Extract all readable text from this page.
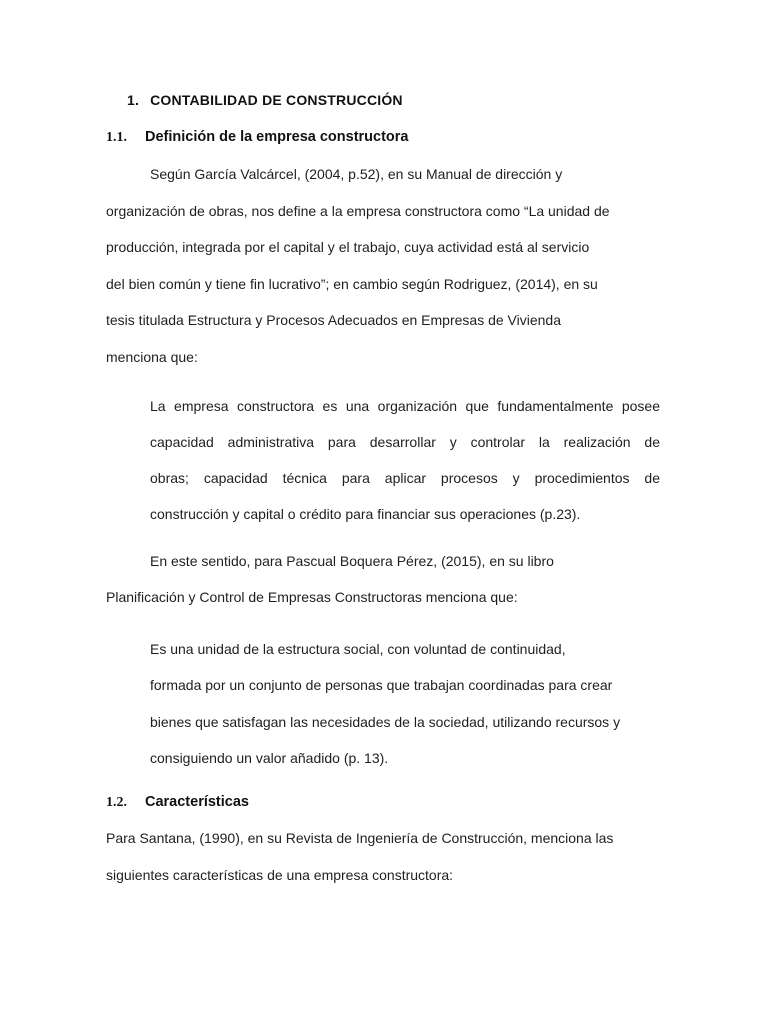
1. CONTABILIDAD DE CONSTRUCCIÓN
1.1. Definición de la empresa constructora
Según García Valcárcel, (2004, p.52), en su Manual de dirección y
organización de obras, nos define a la empresa constructora como “La unidad de
producción, integrada por el capital y el trabajo, cuya actividad está al servicio
del bien común y tiene fin lucrativo”; en cambio según Rodriguez, (2014), en su
tesis titulada Estructura y Procesos Adecuados en Empresas de Vivienda
menciona que:
La empresa constructora es una organización que fundamentalmente posee
capacidad administrativa para desarrollar y controlar la realización de
obras; capacidad técnica para aplicar procesos y procedimientos de
construcción y capital o crédito para financiar sus operaciones (p.23).
En este sentido, para Pascual Boquera Pérez, (2015), en su libro
Planificación y Control de Empresas Constructoras menciona que:
Es una unidad de la estructura social, con voluntad de continuidad,
formada por un conjunto de personas que trabajan coordinadas para crear
bienes que satisfagan las necesidades de la sociedad, utilizando recursos y
consiguiendo un valor añadido (p. 13).
1.2. Características
Para Santana, (1990), en su Revista de Ingeniería de Construcción, menciona las
siguientes características de una empresa constructora:
